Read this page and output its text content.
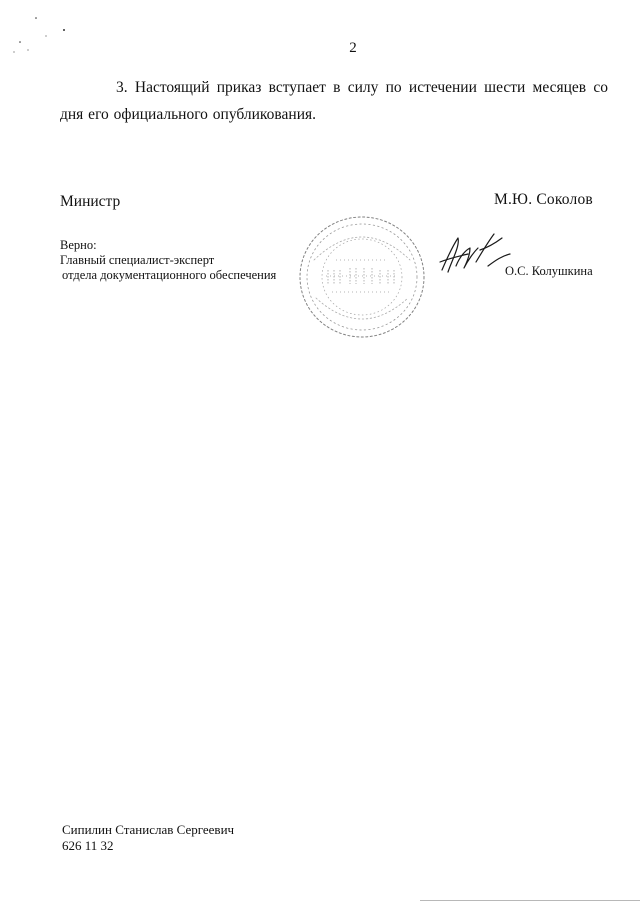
2
3. Настоящий приказ вступает в силу по истечении шести месяцев со дня его официального опубликования.
Министр	М.Ю. Соколов
Верно:
Главный специалист-эксперт
отдела документационного обеспечения	О.С. Колушкина
Сипилин Станислав Сергеевич
626 11 32
